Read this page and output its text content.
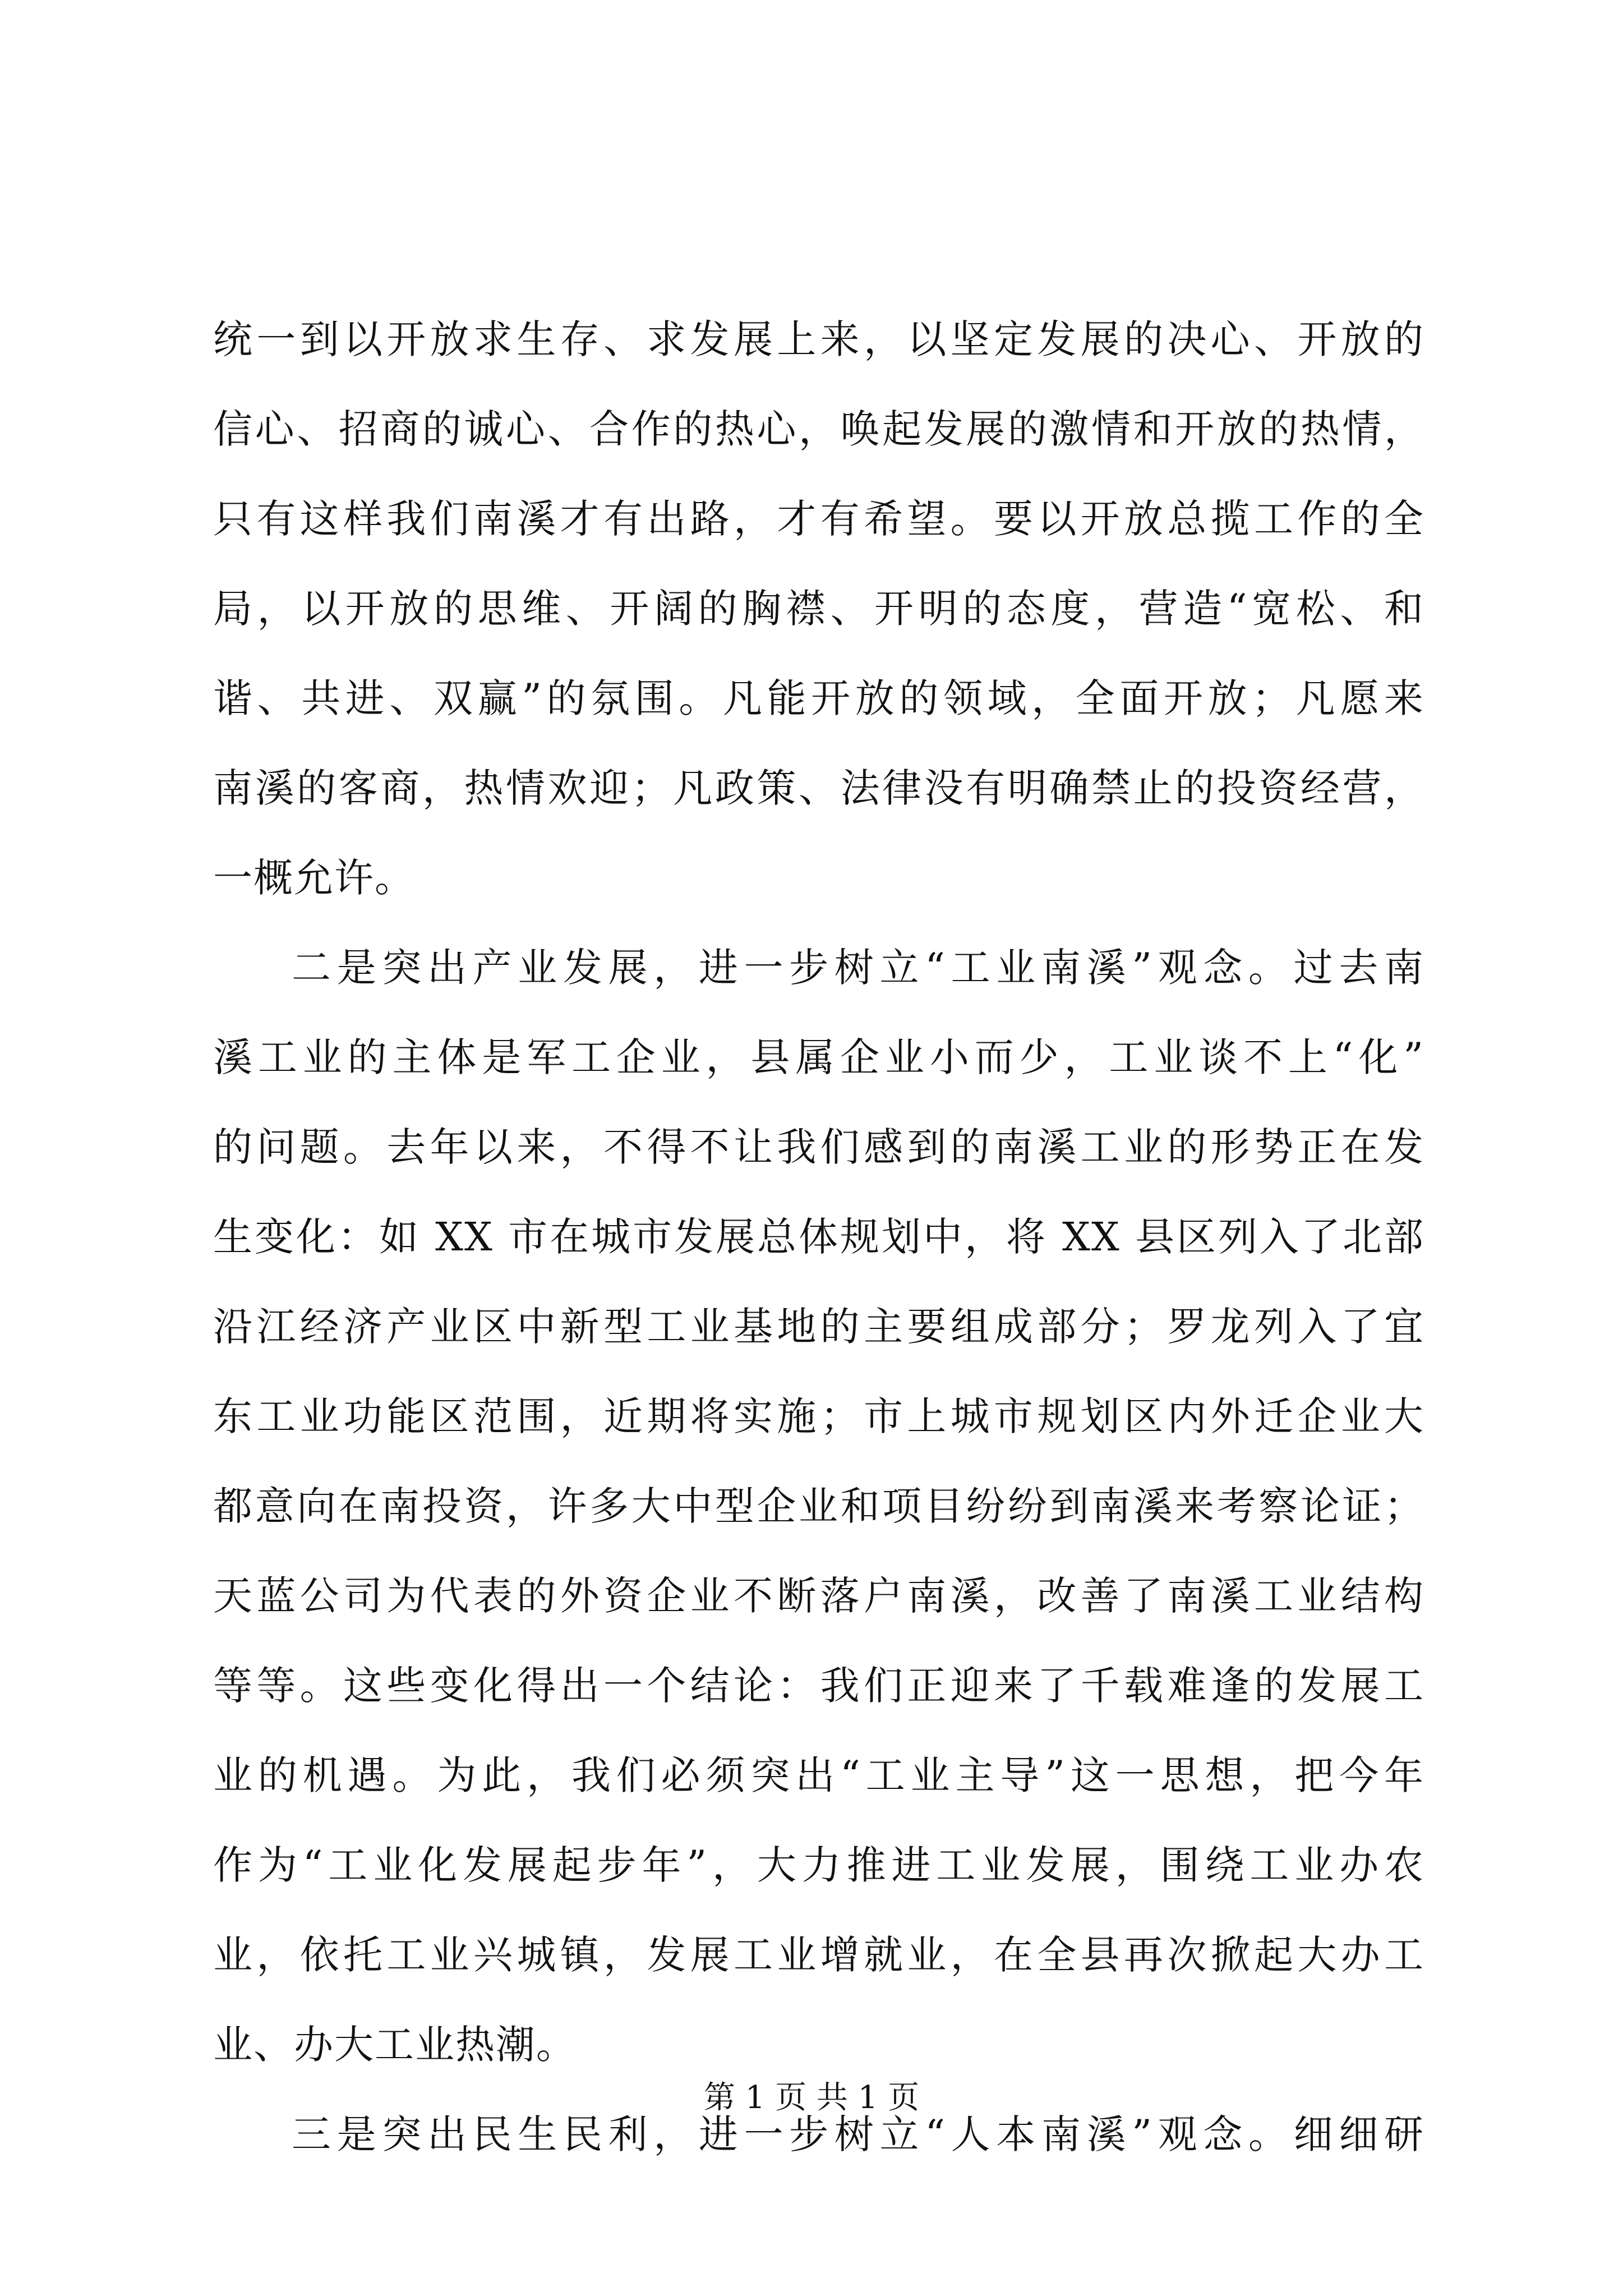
统一到以开放求生存、求发展上来，以坚定发展的决心、开放的
信心、招商的诚心、合作的热心，唤起发展的激情和开放的热情，
只有这样我们南溪才有出路，才有希望。要以开放总揽工作的全
局，以开放的思维、开阔的胸襟、开明的态度，营造“宽松、和
谐、共进、双赢”的氛围。凡能开放的领域，全面开放；凡愿来
南溪的客商，热情欢迎；凡政策、法律没有明确禁止的投资经营，
一概允许。
二是突出产业发展，进一步树立“工业南溪”观念。过去南
溪工业的主体是军工企业，县属企业小而少，工业谈不上“化”
的问题。去年以来，不得不让我们感到的南溪工业的形势正在发
生变化：如 XX 市在城市发展总体规划中，将 XX 县区列入了北部
沿江经济产业区中新型工业基地的主要组成部分；罗龙列入了宜
东工业功能区范围，近期将实施；市上城市规划区内外迁企业大
都意向在南投资，许多大中型企业和项目纷纷到南溪来考察论证；
天蓝公司为代表的外资企业不断落户南溪，改善了南溪工业结构
等等。这些变化得出一个结论：我们正迎来了千载难逢的发展工
业的机遇。为此，我们必须突出“工业主导”这一思想，把今年
作为“工业化发展起步年”，大力推进工业发展，围绕工业办农
业，依托工业兴城镇，发展工业增就业，在全县再次掀起大办工
业、办大工业热潮。
三是突出民生民利，进一步树立“人本南溪”观念。细细研
第 1 页 共 1 页
